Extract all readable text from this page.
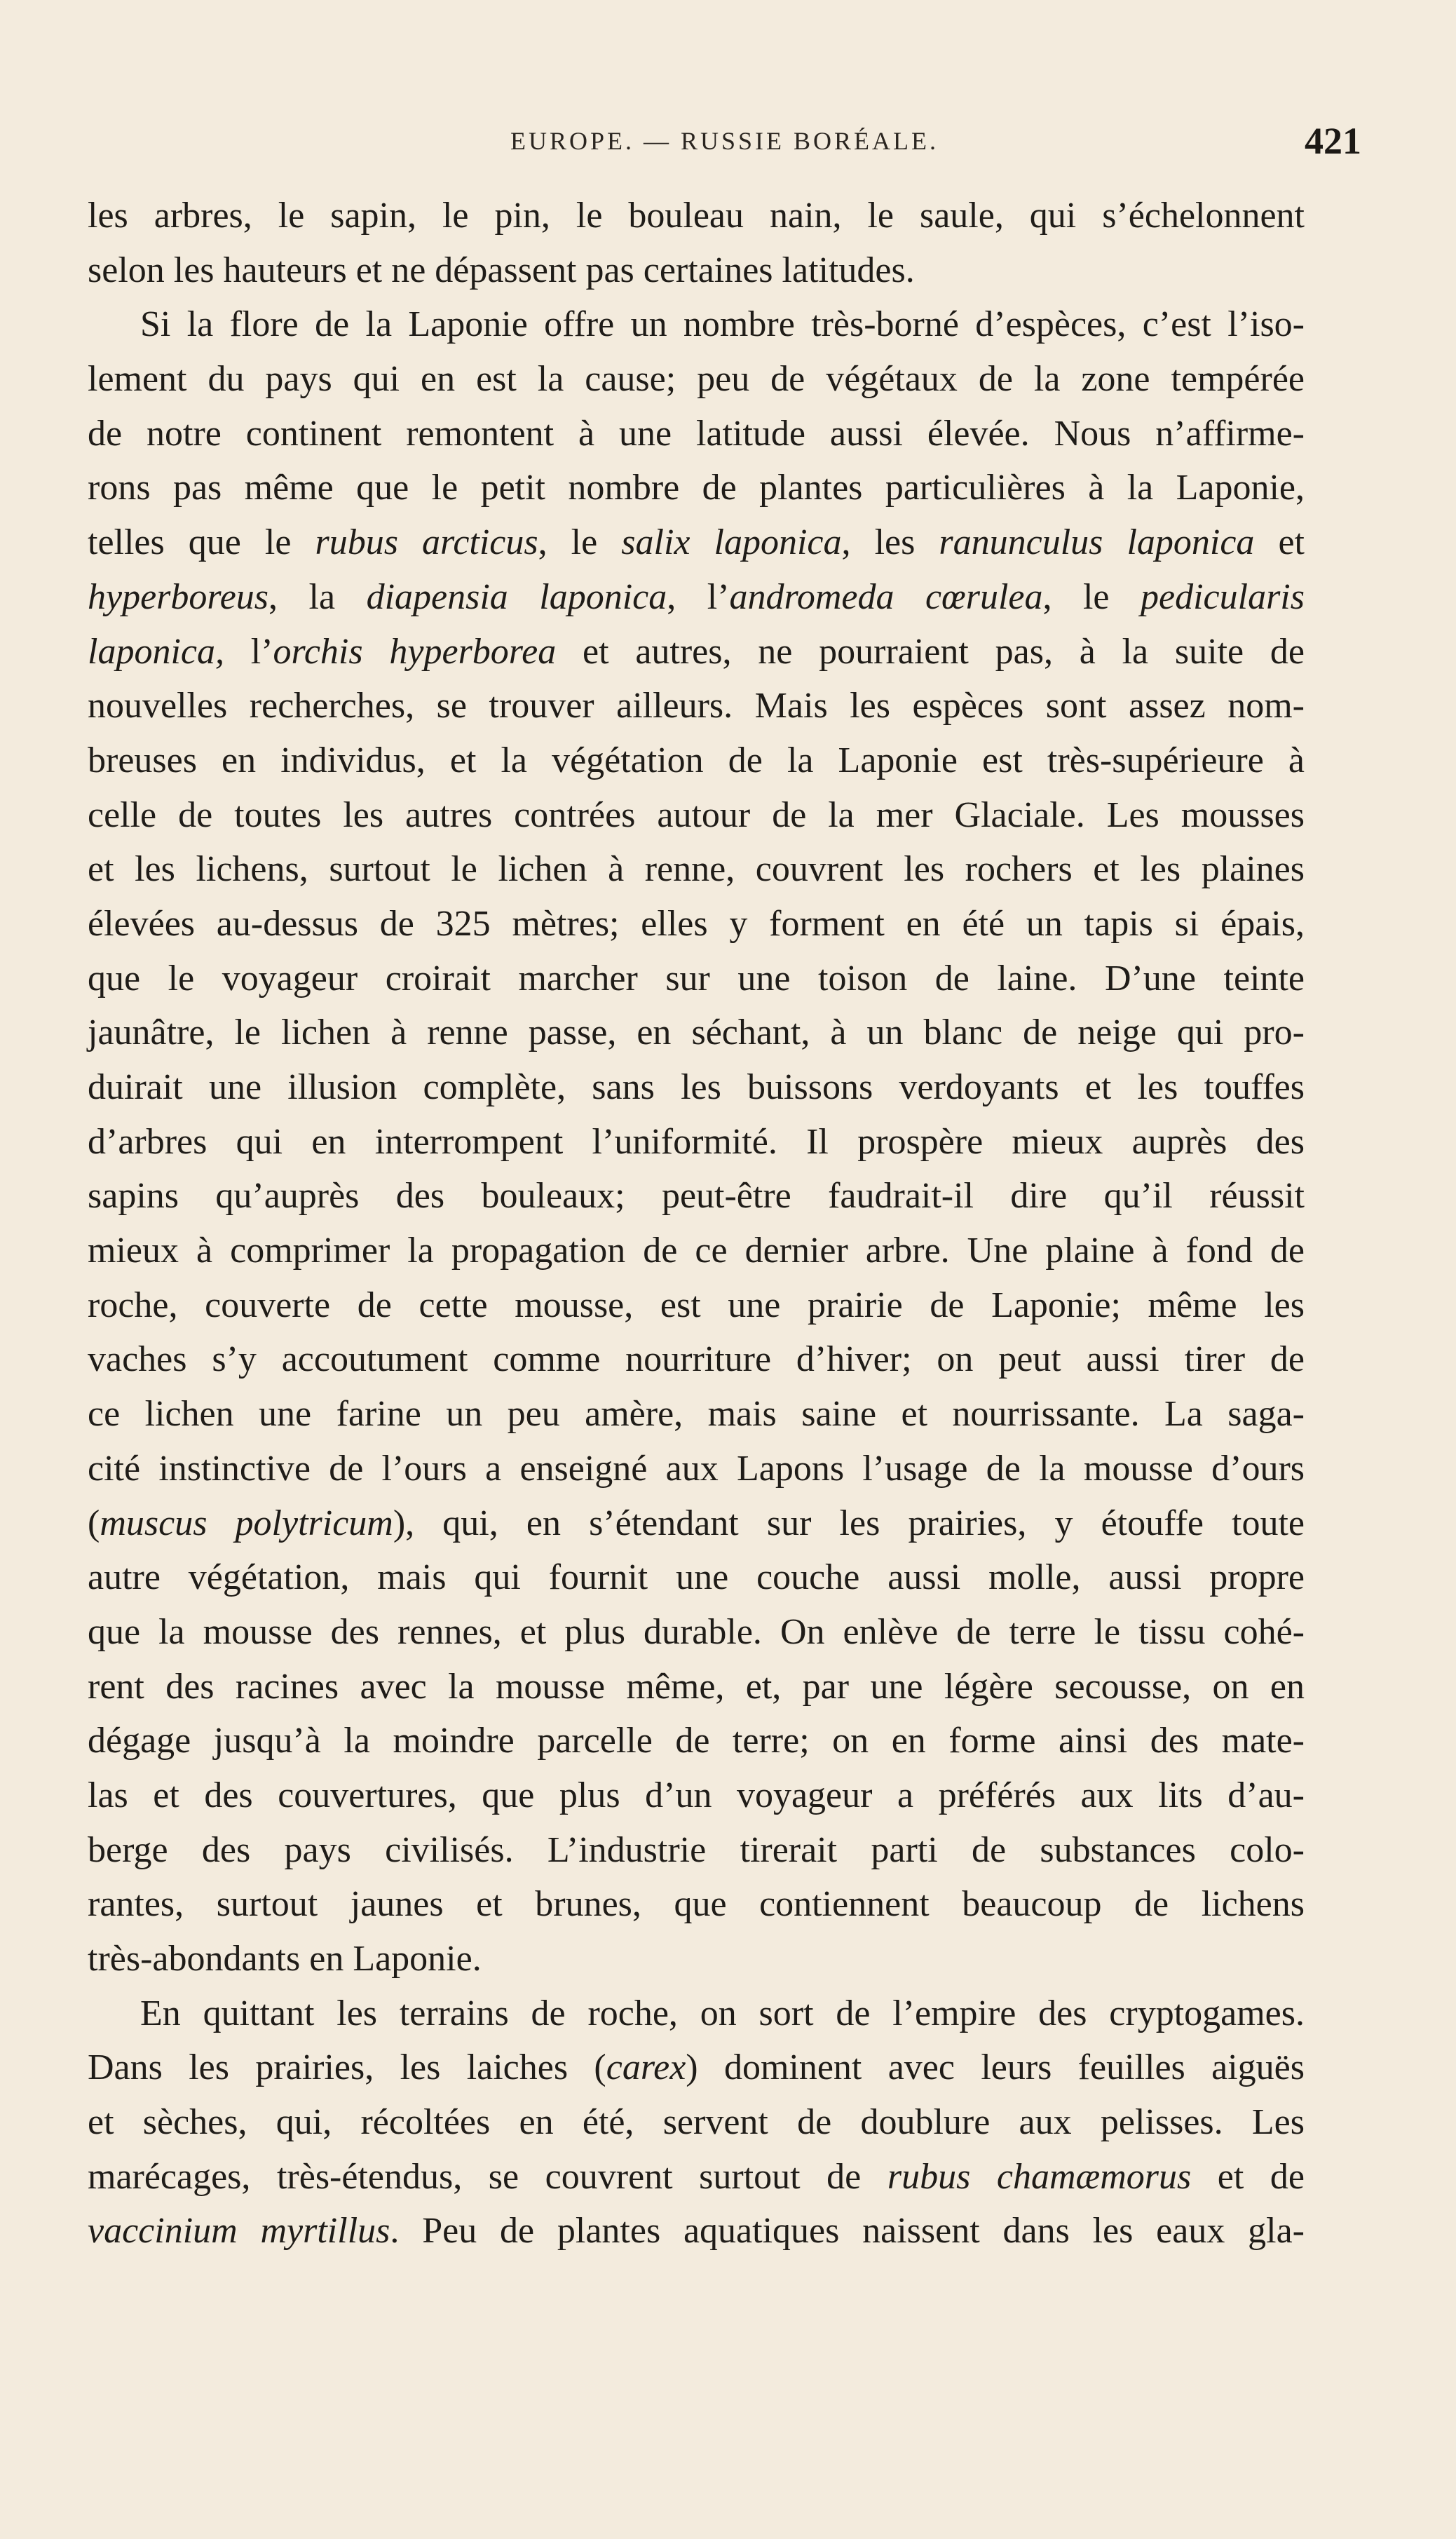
EUROPE. — RUSSIE BORÉALE.	421
les arbres, le sapin, le pin, le bouleau nain, le saule, qui s’échelonnent
selon les hauteurs et ne dépassent pas certaines latitudes.
Si la flore de la Laponie offre un nombre très-borné d’espèces, c’est l’iso-
lement du pays qui en est la cause; peu de végétaux de la zone tempérée
de notre continent remontent à une latitude aussi élevée. Nous n’affirme-
rons pas même que le petit nombre de plantes particulières à la Laponie,
telles que le rubus arcticus, le salix laponica, les ranunculus laponica et
hyperboreus, la diapensia laponica, l’andromeda cœrulea, le pedicularis
laponica, l’orchis hyperborea et autres, ne pourraient pas, à la suite de
nouvelles recherches, se trouver ailleurs. Mais les espèces sont assez nom-
breuses en individus, et la végétation de la Laponie est très-supérieure à
celle de toutes les autres contrées autour de la mer Glaciale. Les mousses
et les lichens, surtout le lichen à renne, couvrent les rochers et les plaines
élevées au-dessus de 325 mètres; elles y forment en été un tapis si épais,
que le voyageur croirait marcher sur une toison de laine. D’une teinte
jaunâtre, le lichen à renne passe, en séchant, à un blanc de neige qui pro-
duirait une illusion complète, sans les buissons verdoyants et les touffes
d’arbres qui en interrompent l’uniformité. Il prospère mieux auprès des
sapins qu’auprès des bouleaux; peut-être faudrait-il dire qu’il réussit
mieux à comprimer la propagation de ce dernier arbre. Une plaine à fond de
roche, couverte de cette mousse, est une prairie de Laponie; même les
vaches s’y accoutument comme nourriture d’hiver; on peut aussi tirer de
ce lichen une farine un peu amère, mais saine et nourrissante. La saga-
cité instinctive de l’ours a enseigné aux Lapons l’usage de la mousse d’ours
(muscus polytricum), qui, en s’étendant sur les prairies, y étouffe toute
autre végétation, mais qui fournit une couche aussi molle, aussi propre
que la mousse des rennes, et plus durable. On enlève de terre le tissu cohé-
rent des racines avec la mousse même, et, par une légère secousse, on en
dégage jusqu’à la moindre parcelle de terre; on en forme ainsi des mate-
las et des couvertures, que plus d’un voyageur a préférés aux lits d’au-
berge des pays civilisés. L’industrie tirerait parti de substances colo-
rantes, surtout jaunes et brunes, que contiennent beaucoup de lichens
très-abondants en Laponie.
En quittant les terrains de roche, on sort de l’empire des cryptogames.
Dans les prairies, les laiches (carex) dominent avec leurs feuilles aiguës
et sèches, qui, récoltées en été, servent de doublure aux pelisses. Les
marécages, très-étendus, se couvrent surtout de rubus chamæmorus et de
vaccinium myrtillus. Peu de plantes aquatiques naissent dans les eaux gla-
